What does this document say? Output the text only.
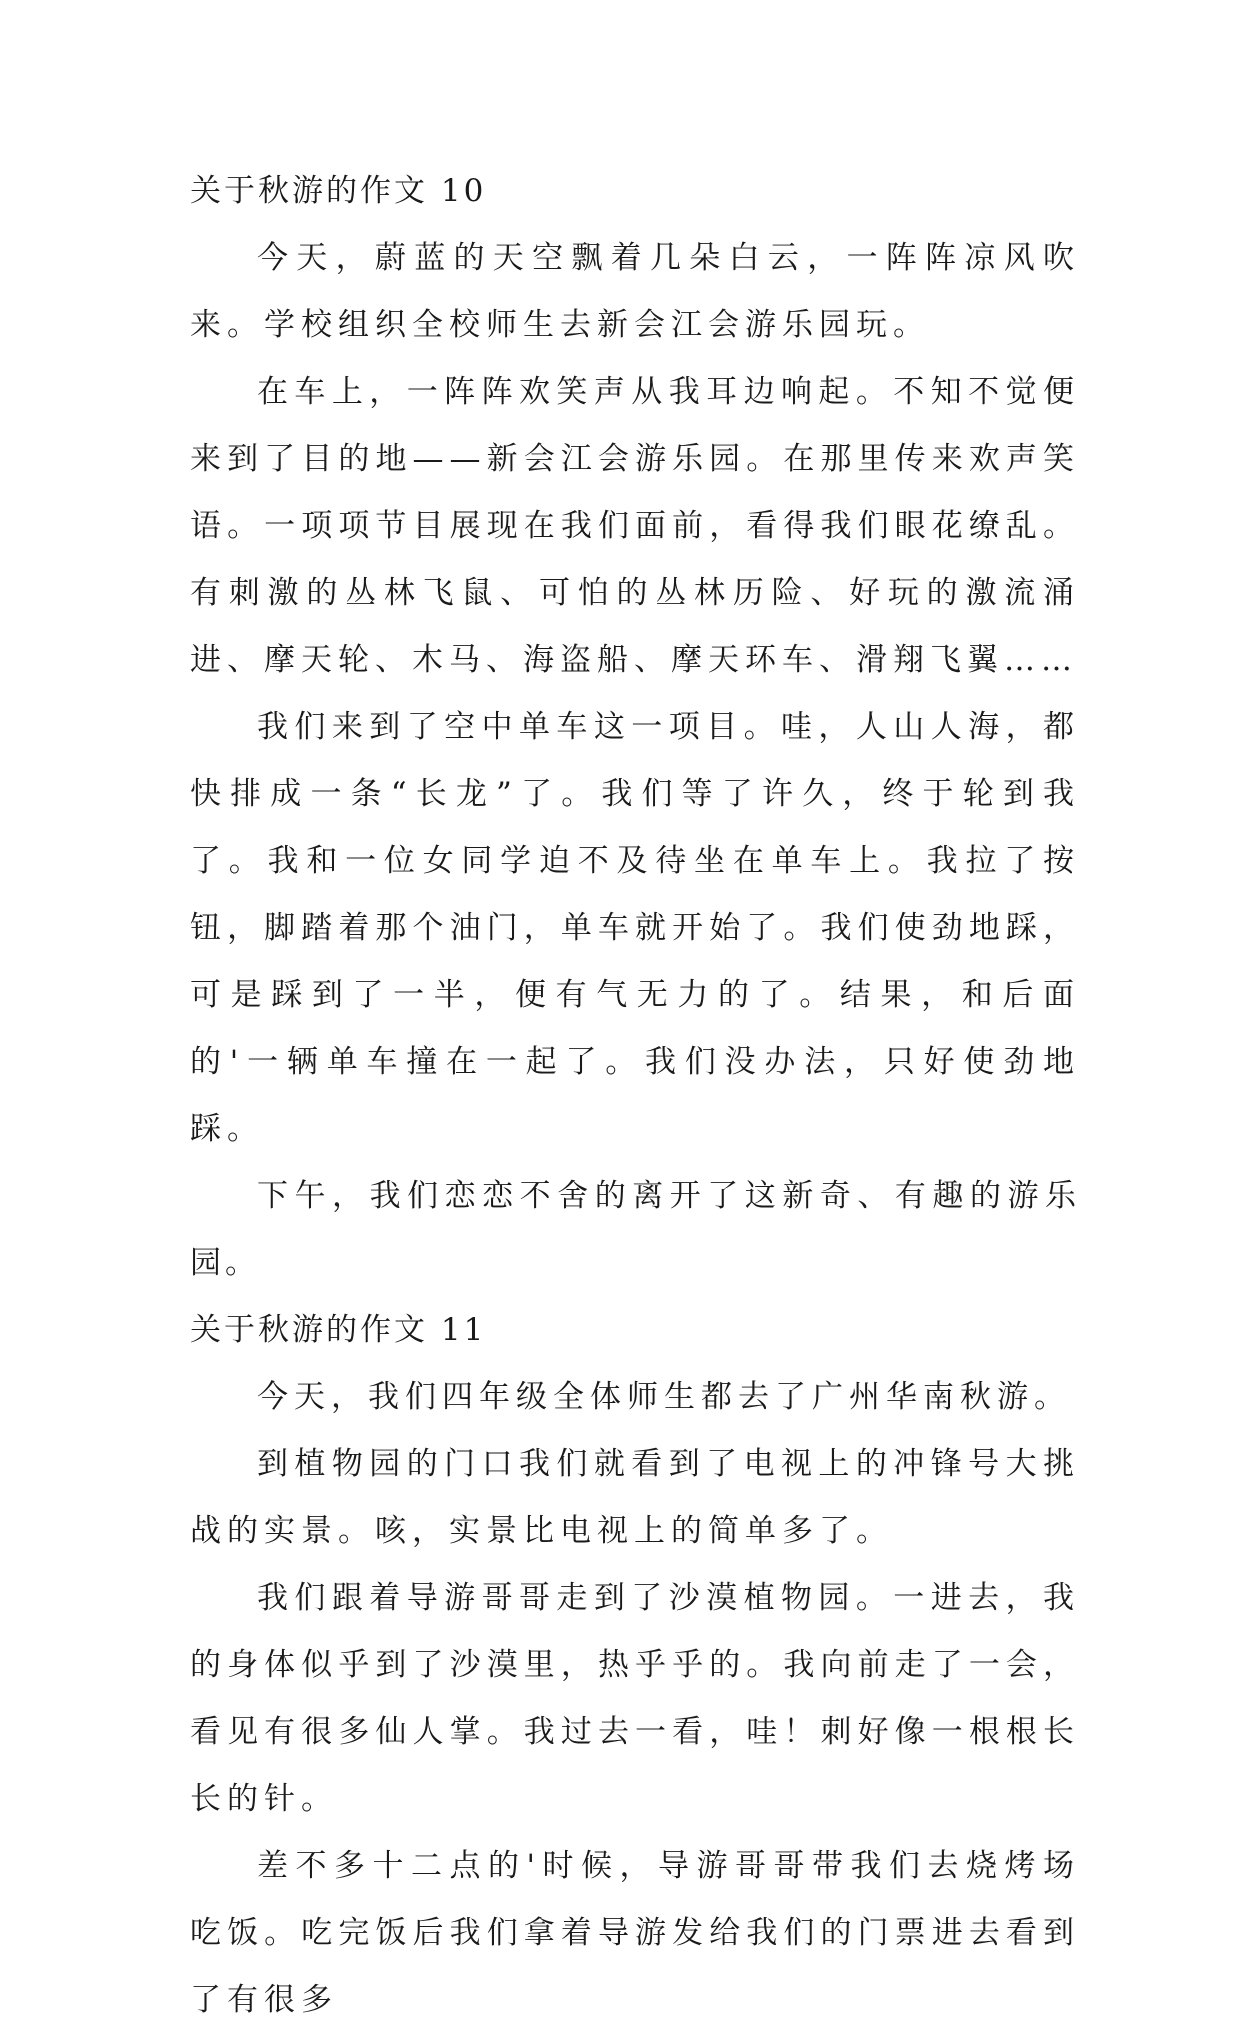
关于秋游的作文 10

今天，蔚蓝的天空飘着几朵白云，一阵阵凉风吹来。学校组织全校师生去新会江会游乐园玩。

在车上，一阵阵欢笑声从我耳边响起。不知不觉便来到了目的地——新会江会游乐园。在那里传来欢声笑语。一项项节目展现在我们面前，看得我们眼花缭乱。有刺激的丛林飞鼠、可怕的丛林历险、好玩的激流涌进、摩天轮、木马、海盗船、摩天环车、滑翔飞翼……

我们来到了空中单车这一项目。哇，人山人海，都快排成一条“长龙”了。我们等了许久，终于轮到我了。我和一位女同学迫不及待坐在单车上。我拉了按钮，脚踏着那个油门，单车就开始了。我们使劲地踩，可是踩到了一半，便有气无力的了。结果，和后面的'一辆单车撞在一起了。我们没办法，只好使劲地踩。

下午，我们恋恋不舍的离开了这新奇、有趣的游乐园。

关于秋游的作文 11

今天，我们四年级全体师生都去了广州华南秋游。

到植物园的门口我们就看到了电视上的冲锋号大挑战的实景。咳，实景比电视上的简单多了。

我们跟着导游哥哥走到了沙漠植物园。一进去，我的身体似乎到了沙漠里，热乎乎的。我向前走了一会，看见有很多仙人掌。我过去一看，哇！刺好像一根根长长的针。

差不多十二点的'时候，导游哥哥带我们去烧烤场吃饭。吃完饭后我们拿着导游发给我们的门票进去看到了有很多
